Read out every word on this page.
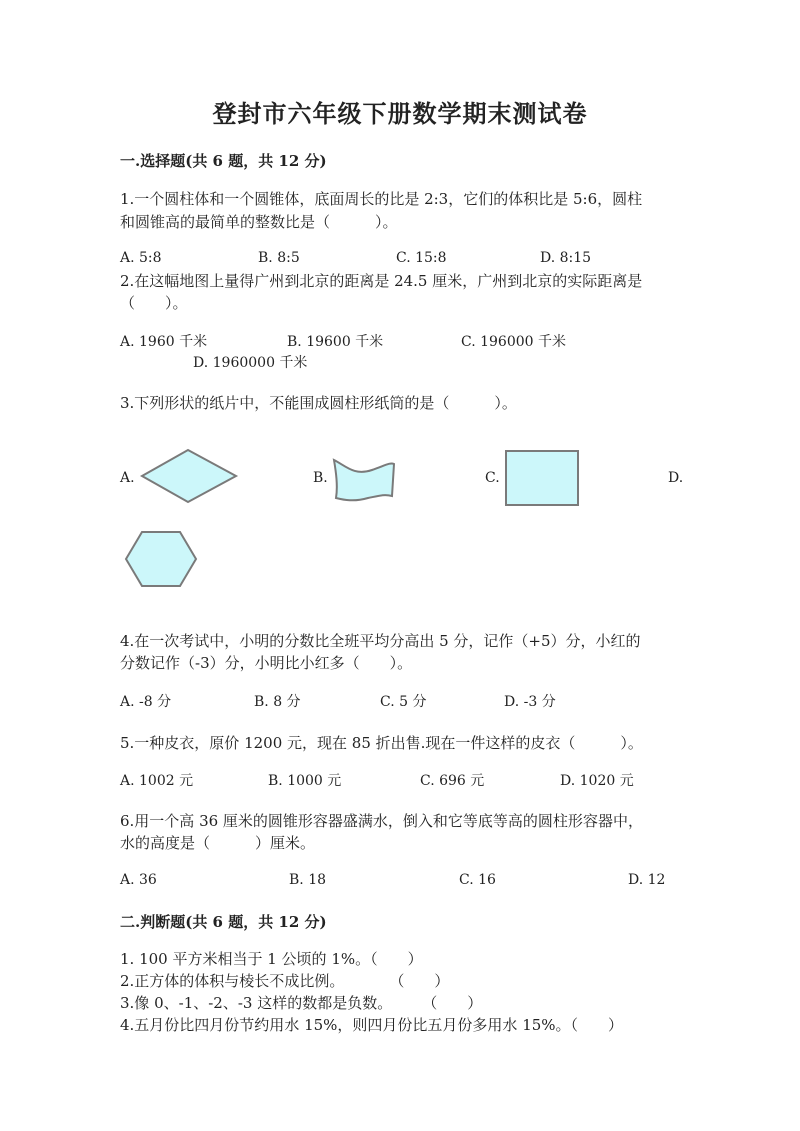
登封市六年级下册数学期末测试卷
一.选择题(共 6 题，共 12 分)
1.一个圆柱体和一个圆锥体，底面周长的比是 2:3，它们的体积比是 5:6，圆柱
和圆锥高的最简单的整数比是（　　　）。
A. 5:8	B. 8:5	C. 15:8	D. 8:15
2.在这幅地图上量得广州到北京的距离是 24.5 厘米，广州到北京的实际距离是
（　　）。
A. 1960 千米	B. 19600 千米	C. 196000 千米
D. 1960000 千米
3.下列形状的纸片中，不能围成圆柱形纸筒的是（　　　）。
A.	B.	C.	D.
4.在一次考试中，小明的分数比全班平均分高出 5 分，记作（+5）分，小红的
分数记作（-3）分，小明比小红多（　　）。
A. -8 分	B. 8 分	C. 5 分	D. -3 分
5.一种皮衣，原价 1200 元，现在 85 折出售.现在一件这样的皮衣（　　　）。
A. 1002 元	B. 1000 元	C. 696 元	D. 1020 元
6.用一个高 36 厘米的圆锥形容器盛满水，倒入和它等底等高的圆柱形容器中，
水的高度是（　　　）厘米。
A. 36	B. 18	C. 16	D. 12
二.判断题(共 6 题，共 12 分)
1. 100 平方米相当于 1 公顷的 1%。（　　）
2.正方体的体积与棱长不成比例。　　　　（　　）
3.像 0、-1、-2、-3 这样的数都是负数。　　　（　　）
4.五月份比四月份节约用水 15%，则四月份比五月份多用水 15%。（　　）
